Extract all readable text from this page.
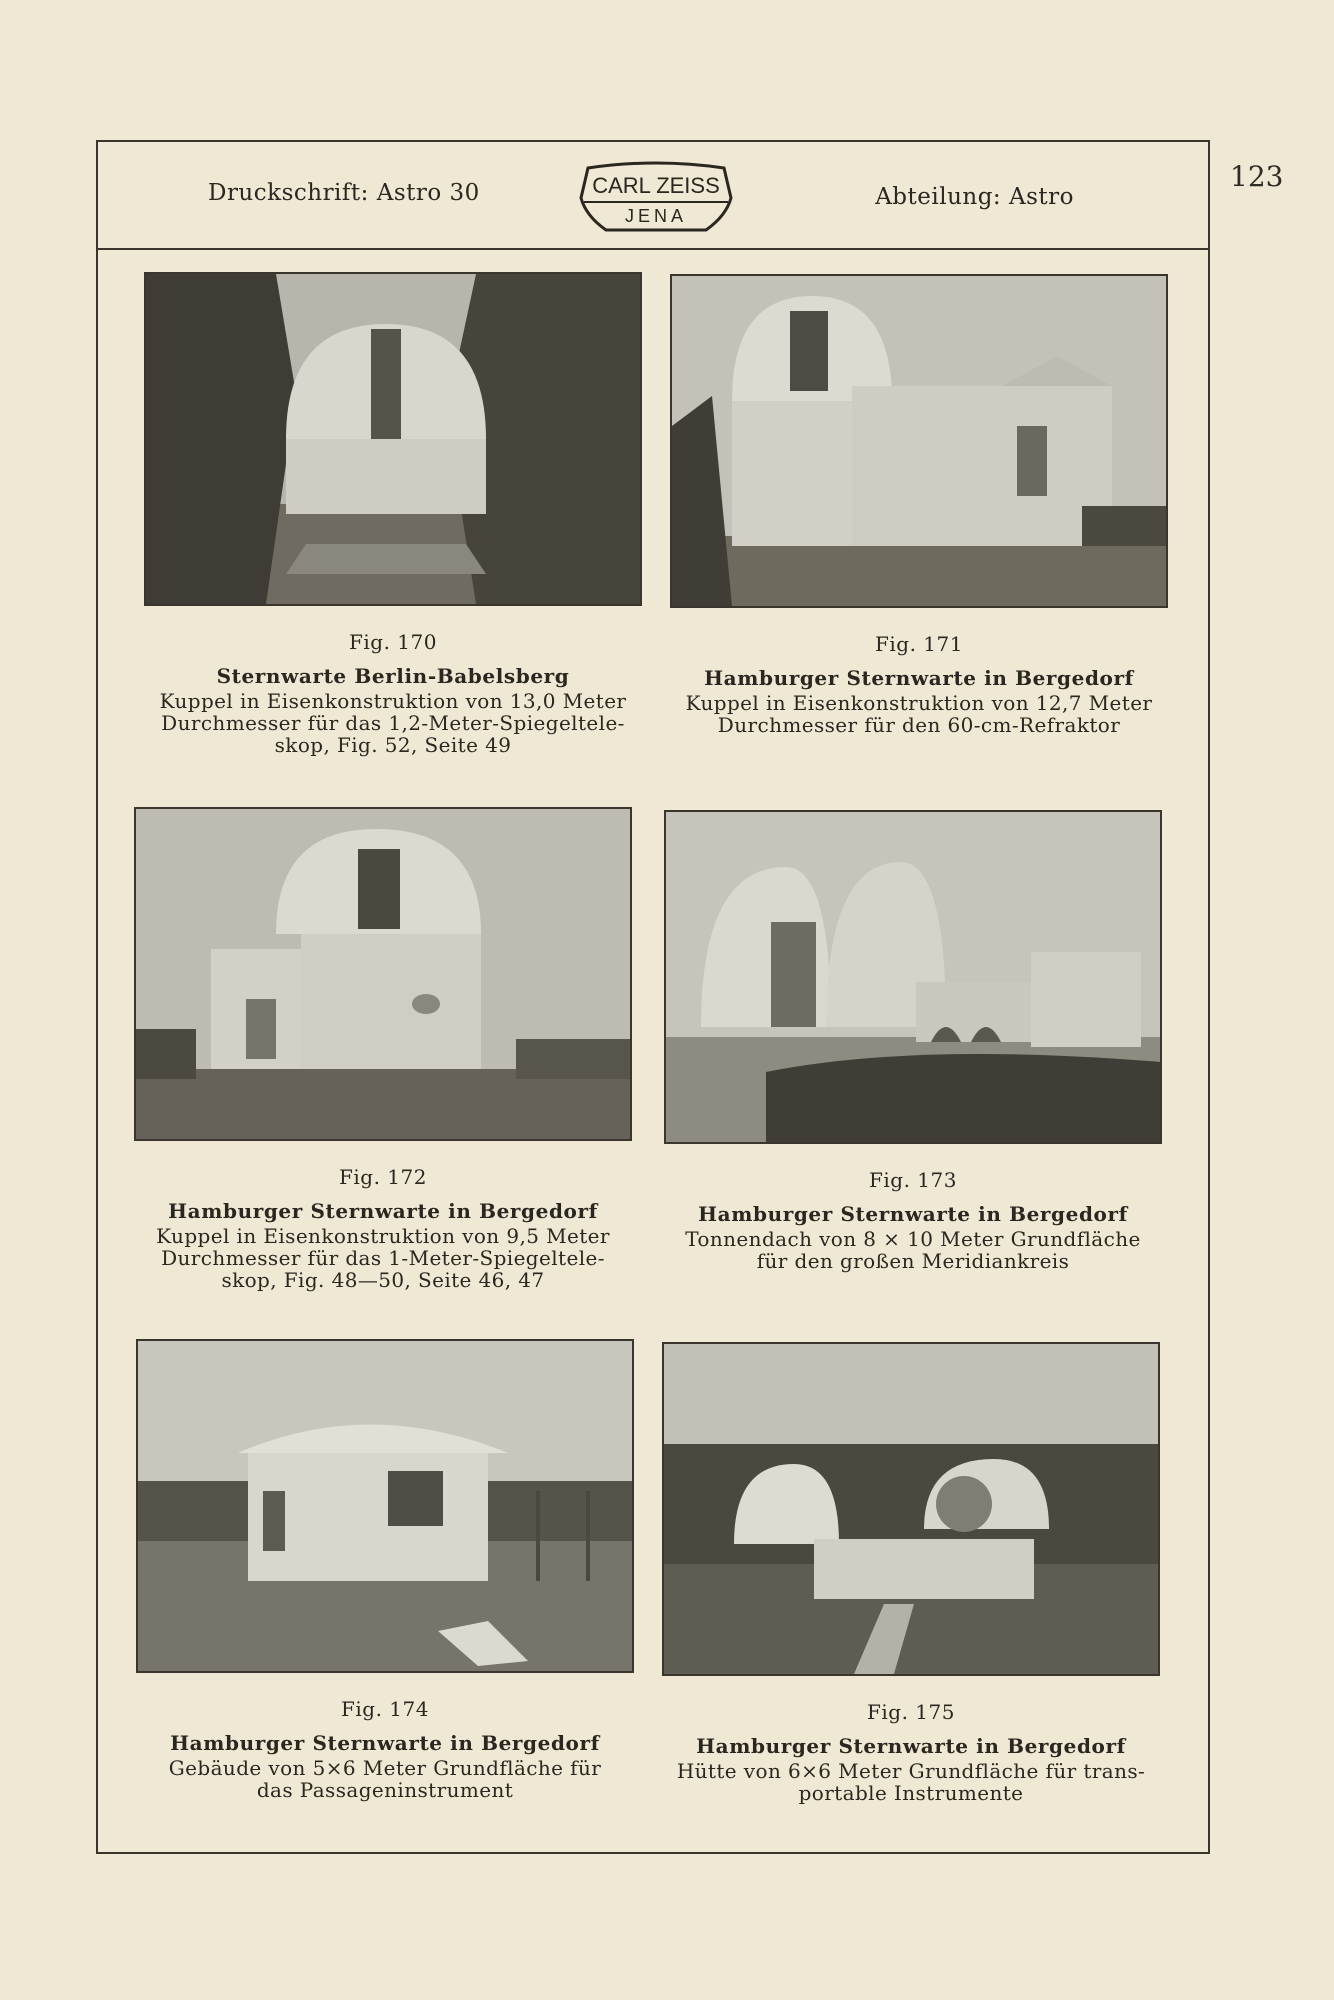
123
Druckschrift: Astro 30	CARL ZEISS
JENA
Abteilung: Astro
Fig. 170
Sternwarte Berlin-Babelsberg
Kuppel in Eisenkonstruktion von 13,0 Meter
Durchmesser für das 1,2-Meter-Spiegeltele-
skop, Fig. 52, Seite 49
Fig. 171
Hamburger Sternwarte in Bergedorf
Kuppel in Eisenkonstruktion von 12,7 Meter
Durchmesser für den 60-cm-Refraktor
Fig. 172
Hamburger Sternwarte in Bergedorf
Kuppel in Eisenkonstruktion von 9,5 Meter
Durchmesser für das 1-Meter-Spiegeltele-
skop, Fig. 48—50, Seite 46, 47
Fig. 173
Hamburger Sternwarte in Bergedorf
Tonnendach von 8 × 10 Meter Grundfläche
für den großen Meridiankreis
Fig. 174
Hamburger Sternwarte in Bergedorf
Gebäude von 5×6 Meter Grundfläche für
das Passageninstrument
Fig. 175
Hamburger Sternwarte in Bergedorf
Hütte von 6×6 Meter Grundfläche für trans-
portable Instrumente
